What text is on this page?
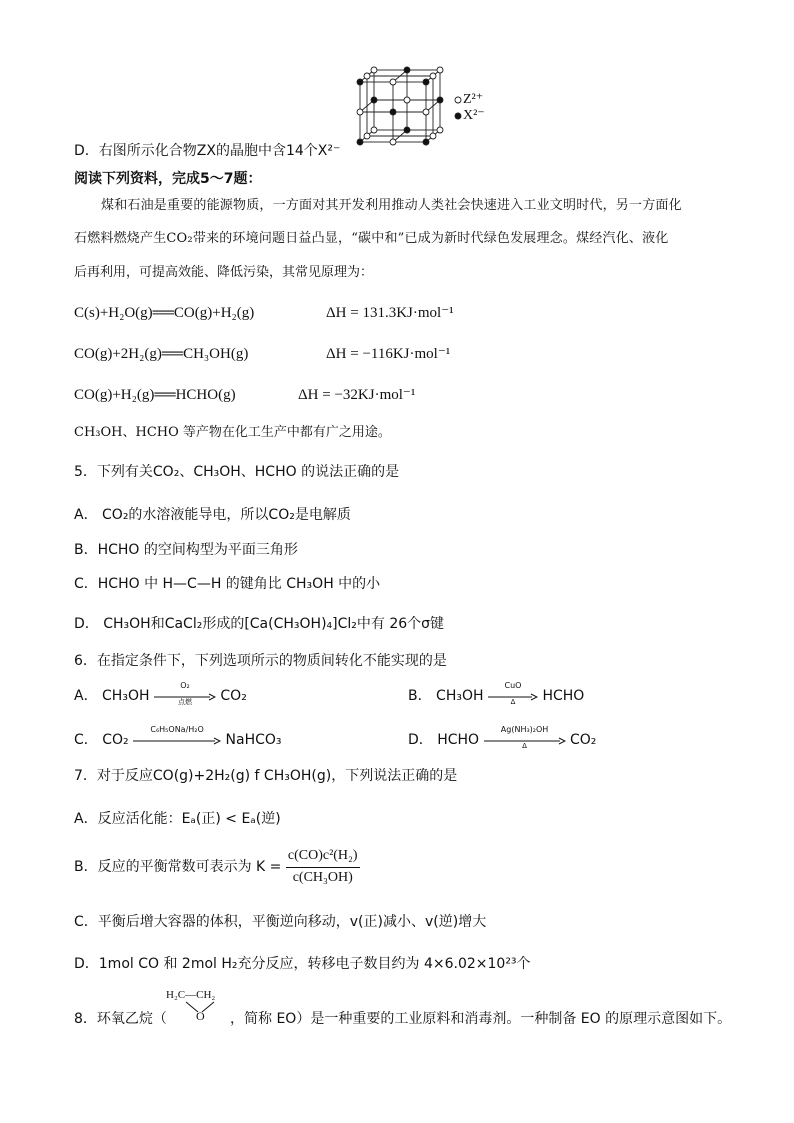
Z²⁺
X²⁻
D．右图所示化合物ZX的晶胞中含14个X²⁻
阅读下列资料，完成5～7题：
煤和石油是重要的能源物质，一方面对其开发利用推动人类社会快速进入工业文明时代，另一方面化
石燃料燃烧产生CO₂带来的环境问题日益凸显，“碳中和”已成为新时代绿色发展理念。煤经汽化、液化
后再利用，可提高效能、降低污染，其常见原理为：
C(s)+H₂O(g)══CO(g)+H₂(g)	ΔH = 131.3KJ·mol⁻¹
CO(g)+2H₂(g)══CH₃OH(g)	ΔH = −116KJ·mol⁻¹
CO(g)+H₂(g)══HCHO(g)	ΔH = −32KJ·mol⁻¹
CH₃OH、HCHO 等产物在化工生产中都有广之用途。
5．下列有关CO₂、CH₃OH、HCHO 的说法正确的是
A． CO₂的水溶液能导电，所以CO₂是电解质
B．HCHO 的空间构型为平面三角形
C．HCHO 中 H—C—H 的键角比 CH₃OH 中的小
D． CH₃OH和CaCl₂形成的[Ca(CH₃OH)₄]Cl₂中有 26个σ键
6．在指定条件下，下列选项所示的物质间转化不能实现的是
A． CH₃OH
O₂
点燃	CO₂	B． CH₃OH
CuO
Δ	HCHO
C． CO₂
C₆H₅ONa/H₂O
NaHCO₃	D． HCHO
Ag(NH₃)₂OH
Δ	CO₂
7．对于反应CO(g)+2H₂(g) f CH₃OH(g)，下列说法正确的是
A．反应活化能：Eₐ(正) < Eₐ(逆)
B．反应的平衡常数可表示为 $K = \frac{\text{c(CO)c²(H₂)}}{\text{c(CH₃OH)}}$
C．平衡后增大容器的体积，平衡逆向移动，v(正)减小、v(逆)增大
D．1mol CO 和 2mol H₂充分反应，转移电子数目约为 4×6.02×10²³个
8．环氧乙烷（
H₂C—CH₂
O ，简称 EO）是一种重要的工业原料和消毒剂。一种制备 EO 的原理示意图如下。
